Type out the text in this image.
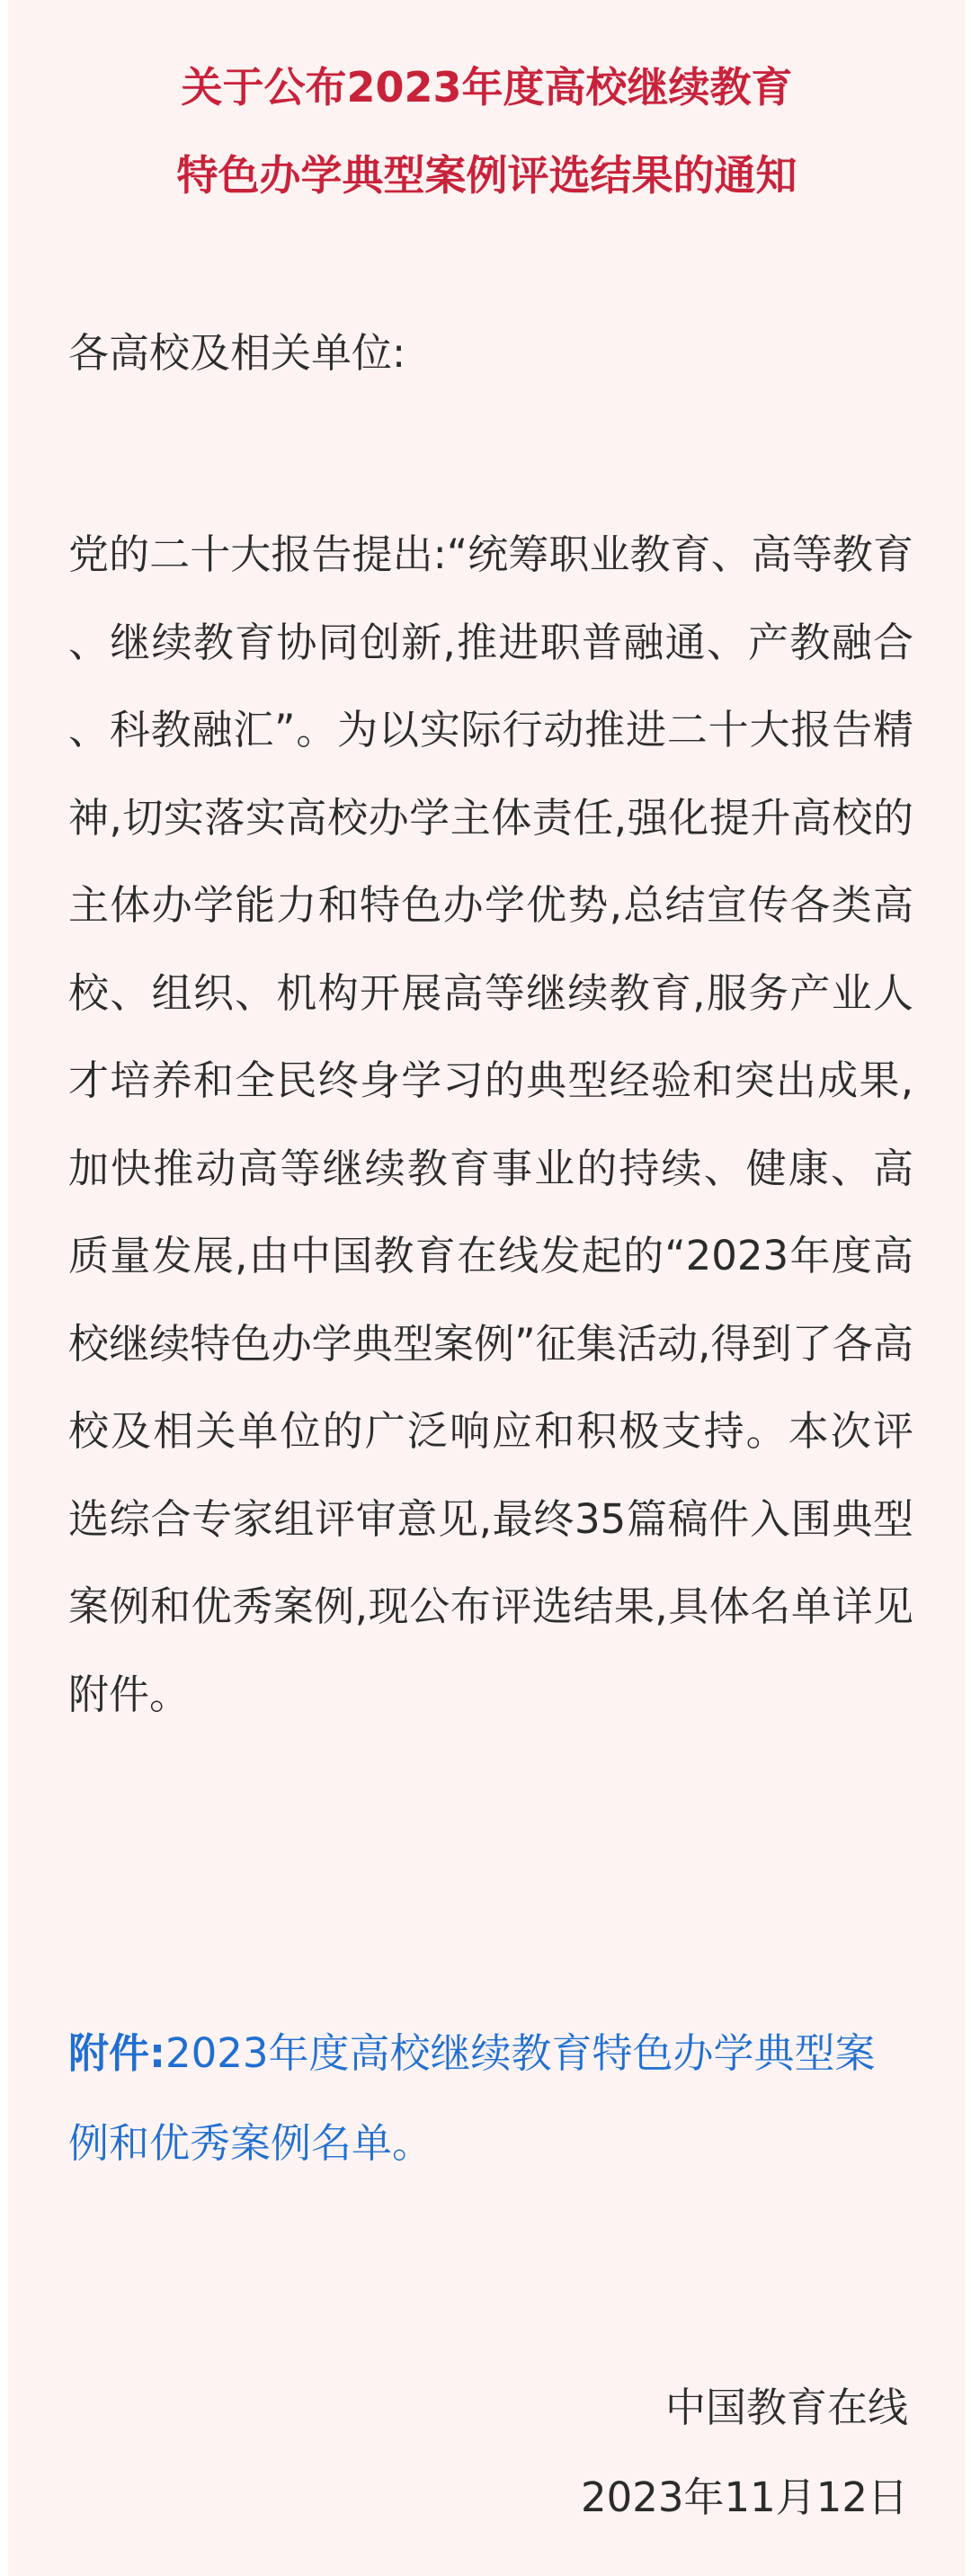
关于公布2023年度高校继续教育
特色办学典型案例评选结果的通知

各高校及相关单位:

党的二十大报告提出:“统筹职业教育、高等教育、继续教育协同创新,推进职普融通、产教融合、科教融汇”。为以实际行动推进二十大报告精神,切实落实高校办学主体责任,强化提升高校的主体办学能力和特色办学优势,总结宣传各类高校、组织、机构开展高等继续教育,服务产业人才培养和全民终身学习的典型经验和突出成果,加快推动高等继续教育事业的持续、健康、高质量发展,由中国教育在线发起的“2023年度高校继续特色办学典型案例”征集活动,得到了各高校及相关单位的广泛响应和积极支持。本次评选综合专家组评审意见,最终35篇稿件入围典型案例和优秀案例,现公布评选结果,具体名单详见附件。

附件:2023年度高校继续教育特色办学典型案例和优秀案例名单。

中国教育在线
2023年11月12日
